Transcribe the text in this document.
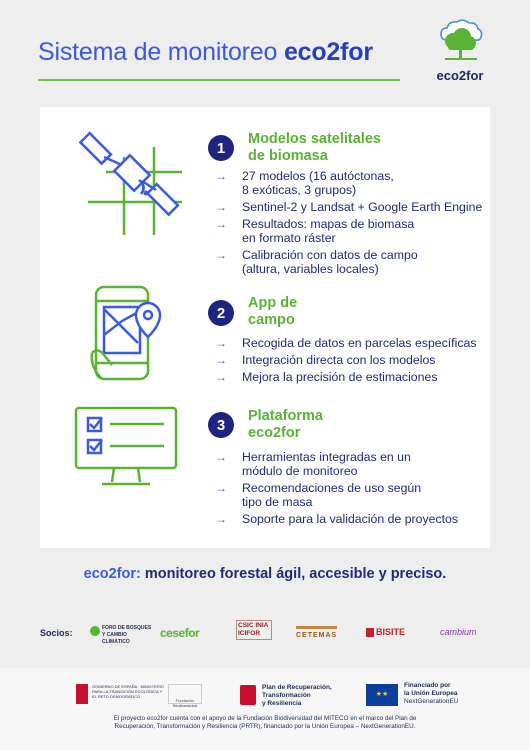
Sistema de monitoreo eco2for
eco2for
1
Modelos satelitales
de biomasa
→ 27 modelos (16 autóctonas,
8 exóticas, 3 grupos)
→ Sentinel-2 y Landsat + Google Earth Engine
→ Resultados: mapas de biomasa
en formato ráster
→ Calibración con datos de campo
(altura, variables locales)
2
App de
campo
→ Recogida de datos en parcelas específicas
→ Integración directa con los modelos
→ Mejora la precisión de estimaciones
3
Plataforma
eco2for
→ Herramientas integradas en un
módulo de monitoreo
→ Recomendaciones de uso según
tipo de masa
→ Soporte para la validación de proyectos
eco2for: monitoreo forestal ágil, accesible y preciso.
Socios:	FORO DE BOSQUES Y CAMBIO CLIMÁTICO
cesefor
CSIC INIA ICIFOR	CETEMAS	BISITE	cambium
GOBIERNO DE ESPAÑA · MINISTERIO PARA LA TRANSICIÓN ECOLÓGICA Y EL RETO DEMOGRÁFICO
Fundación Biodiversidad
Plan de Recuperación,
Transformación
y Resiliencia
★★
Financiado por
la Unión Europea
NextGenerationEU
El proyecto eco2for cuenta con el apoyo de la Fundación Biodiversidad del MITECO en el marco del Plan de
Recuperación, Transformación y Resiliencia (PRTR), financiado por la Unión Europea – NextGenerationEU.
